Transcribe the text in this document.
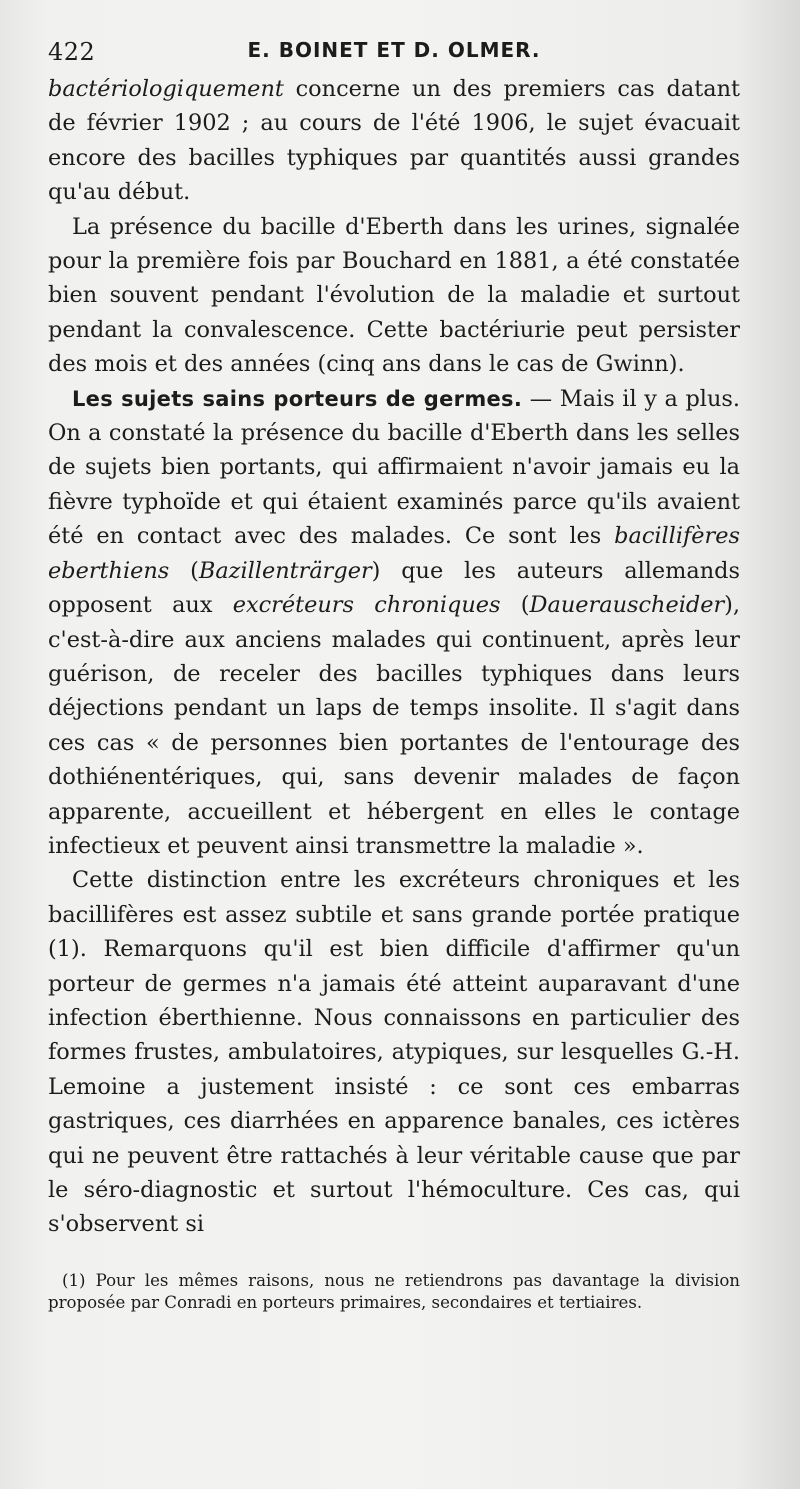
422	E. BOINET ET D. OLMER.

bactériologiquement concerne un des premiers cas datant de février 1902 ; au cours de l'été 1906, le sujet évacuait encore des bacilles typhiques par quantités aussi grandes qu'au début.

La présence du bacille d'Eberth dans les urines, signalée pour la première fois par Bouchard en 1881, a été constatée bien souvent pendant l'évolution de la maladie et surtout pendant la convalescence. Cette bactériurie peut persister des mois et des années (cinq ans dans le cas de Gwinn).

Les sujets sains porteurs de germes. — Mais il y a plus. On a constaté la présence du bacille d'Eberth dans les selles de sujets bien portants, qui affirmaient n'avoir jamais eu la fièvre typhoïde et qui étaient examinés parce qu'ils avaient été en contact avec des malades. Ce sont les bacillifères eberthiens (Bazillenträrger) que les auteurs allemands opposent aux excréteurs chroniques (Dauerauscheider), c'est-à-dire aux anciens malades qui continuent, après leur guérison, de receler des bacilles typhiques dans leurs déjections pendant un laps de temps insolite. Il s'agit dans ces cas « de personnes bien portantes de l'entourage des dothiénentériques, qui, sans devenir malades de façon apparente, accueillent et hébergent en elles le contage infectieux et peuvent ainsi transmettre la maladie ».

Cette distinction entre les excréteurs chroniques et les bacillifères est assez subtile et sans grande portée pratique (1). Remarquons qu'il est bien difficile d'affirmer qu'un porteur de germes n'a jamais été atteint auparavant d'une infection éberthienne. Nous connaissons en particulier des formes frustes, ambulatoires, atypiques, sur lesquelles G.-H. Lemoine a justement insisté : ce sont ces embarras gastriques, ces diarrhées en apparence banales, ces ictères qui ne peuvent être rattachés à leur véritable cause que par le séro-diagnostic et surtout l'hémoculture. Ces cas, qui s'observent si

(1) Pour les mêmes raisons, nous ne retiendrons pas davantage la division proposée par Conradi en porteurs primaires, secondaires et tertiaires.
